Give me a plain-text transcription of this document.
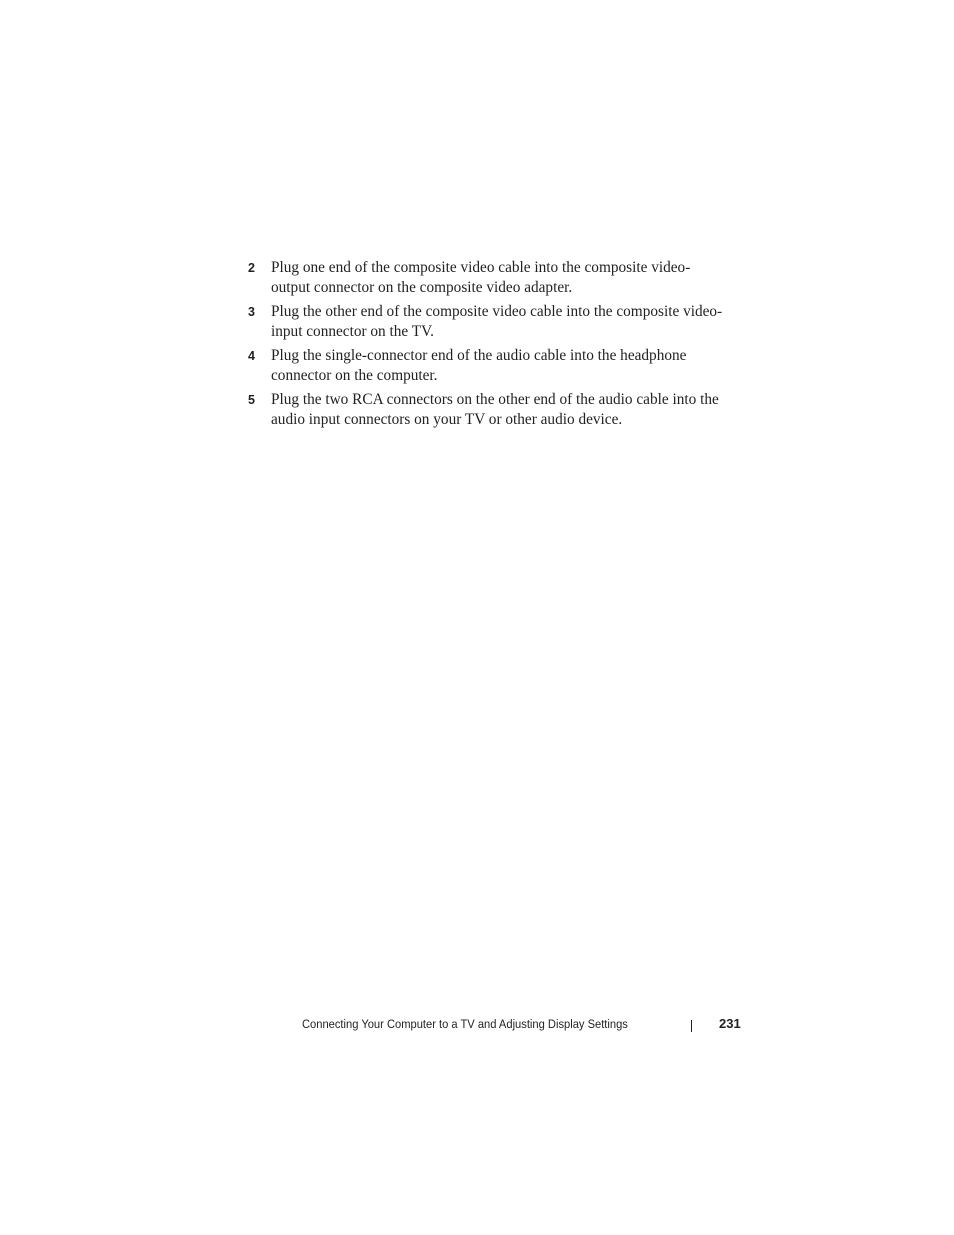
2	Plug one end of the composite video cable into the composite video-
output connector on the composite video adapter.

3	Plug the other end of the composite video cable into the composite video-
input connector on the TV.

4	Plug the single-connector end of the audio cable into the headphone
connector on the computer.

5	Plug the two RCA connectors on the other end of the audio cable into the
audio input connectors on your TV or other audio device.

Connecting Your Computer to a TV and Adjusting Display Settings	231
